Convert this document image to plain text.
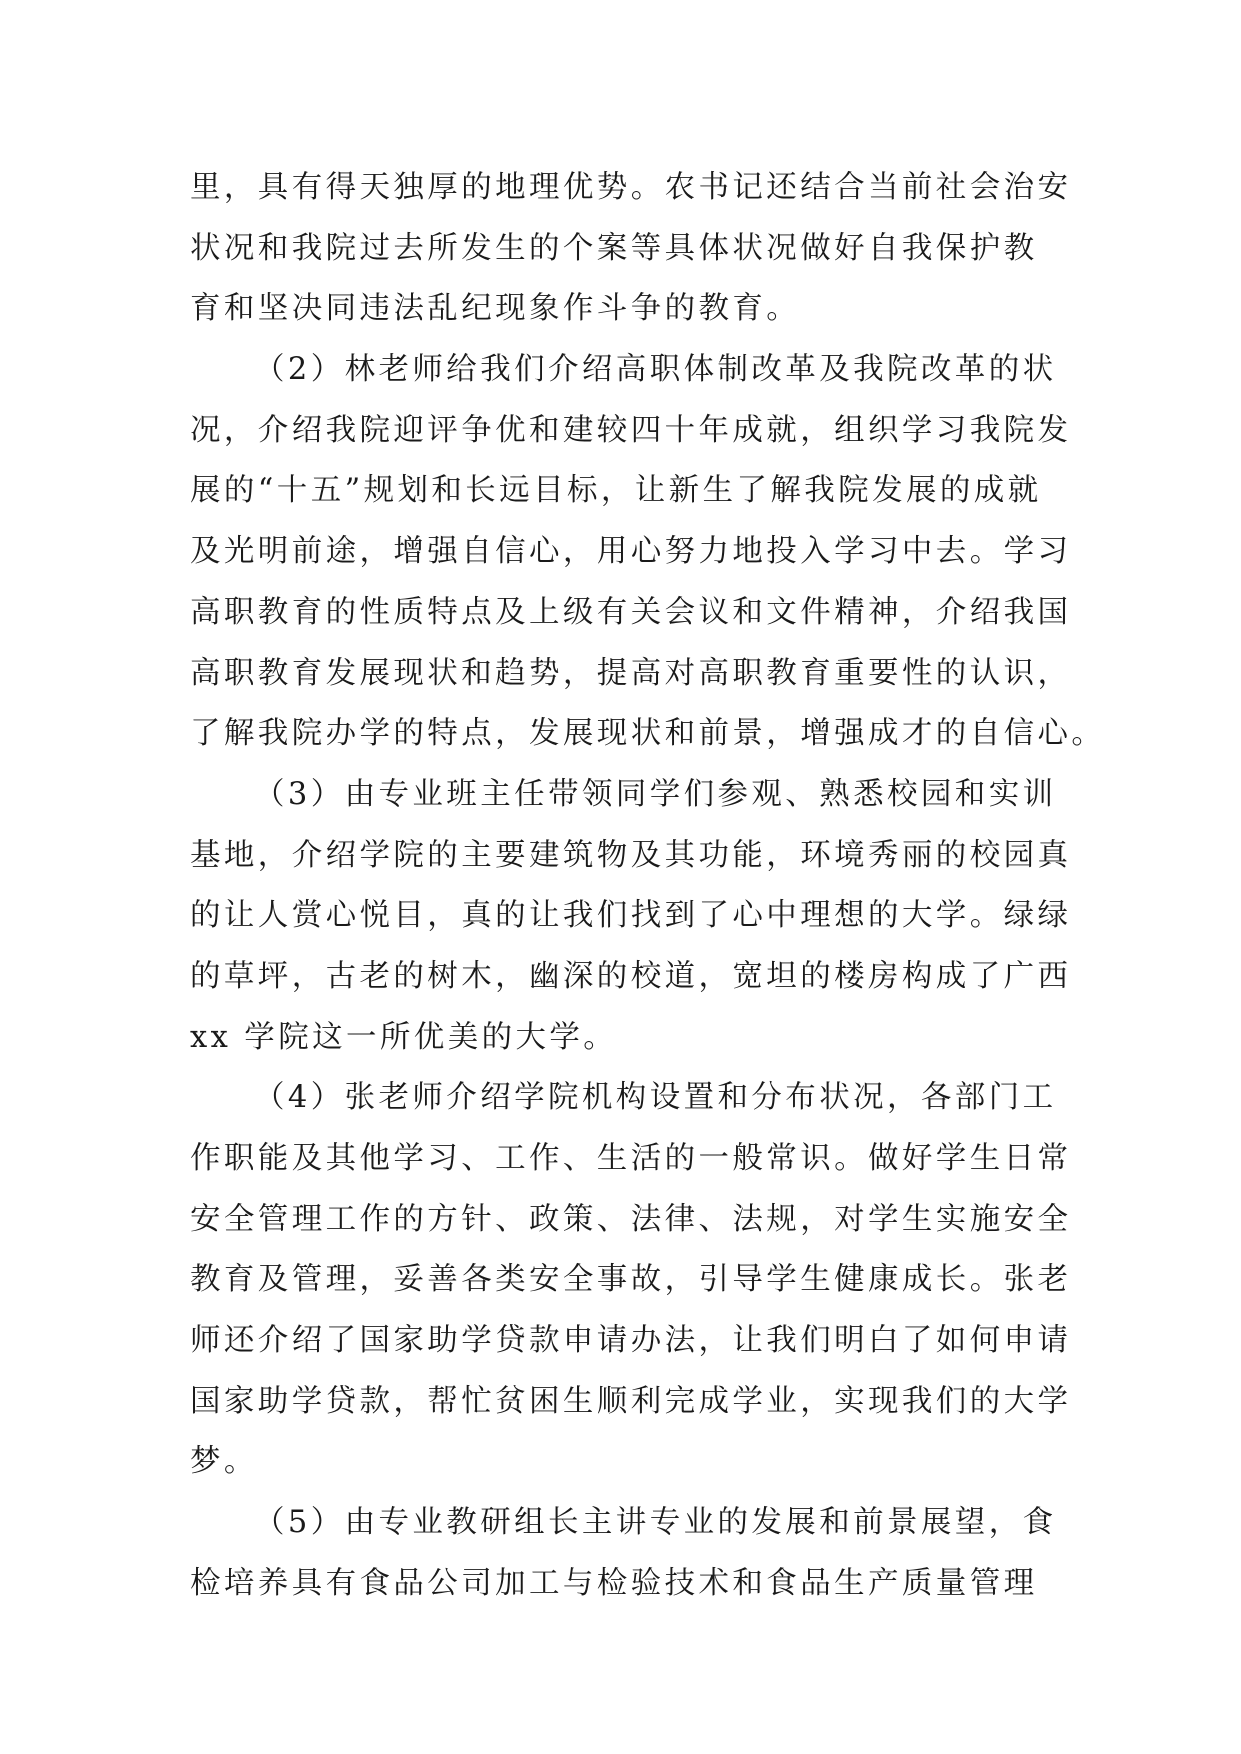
里，具有得天独厚的地理优势。农书记还结合当前社会治安
状况和我院过去所发生的个案等具体状况做好自我保护教
育和坚决同违法乱纪现象作斗争的教育。
（2）林老师给我们介绍高职体制改革及我院改革的状
况，介绍我院迎评争优和建较四十年成就，组织学习我院发
展的“十五”规划和长远目标，让新生了解我院发展的成就
及光明前途，增强自信心，用心努力地投入学习中去。学习
高职教育的性质特点及上级有关会议和文件精神，介绍我国
高职教育发展现状和趋势，提高对高职教育重要性的认识，
了解我院办学的特点，发展现状和前景，增强成才的自信心。
（3）由专业班主任带领同学们参观、熟悉校园和实训
基地，介绍学院的主要建筑物及其功能，环境秀丽的校园真
的让人赏心悦目，真的让我们找到了心中理想的大学。绿绿
的草坪，古老的树木，幽深的校道，宽坦的楼房构成了广西
xx 学院这一所优美的大学。
（4）张老师介绍学院机构设置和分布状况，各部门工
作职能及其他学习、工作、生活的一般常识。做好学生日常
安全管理工作的方针、政策、法律、法规，对学生实施安全
教育及管理，妥善各类安全事故，引导学生健康成长。张老
师还介绍了国家助学贷款申请办法，让我们明白了如何申请
国家助学贷款，帮忙贫困生顺利完成学业，实现我们的大学
梦。
（5）由专业教研组长主讲专业的发展和前景展望，食
检培养具有食品公司加工与检验技术和食品生产质量管理
